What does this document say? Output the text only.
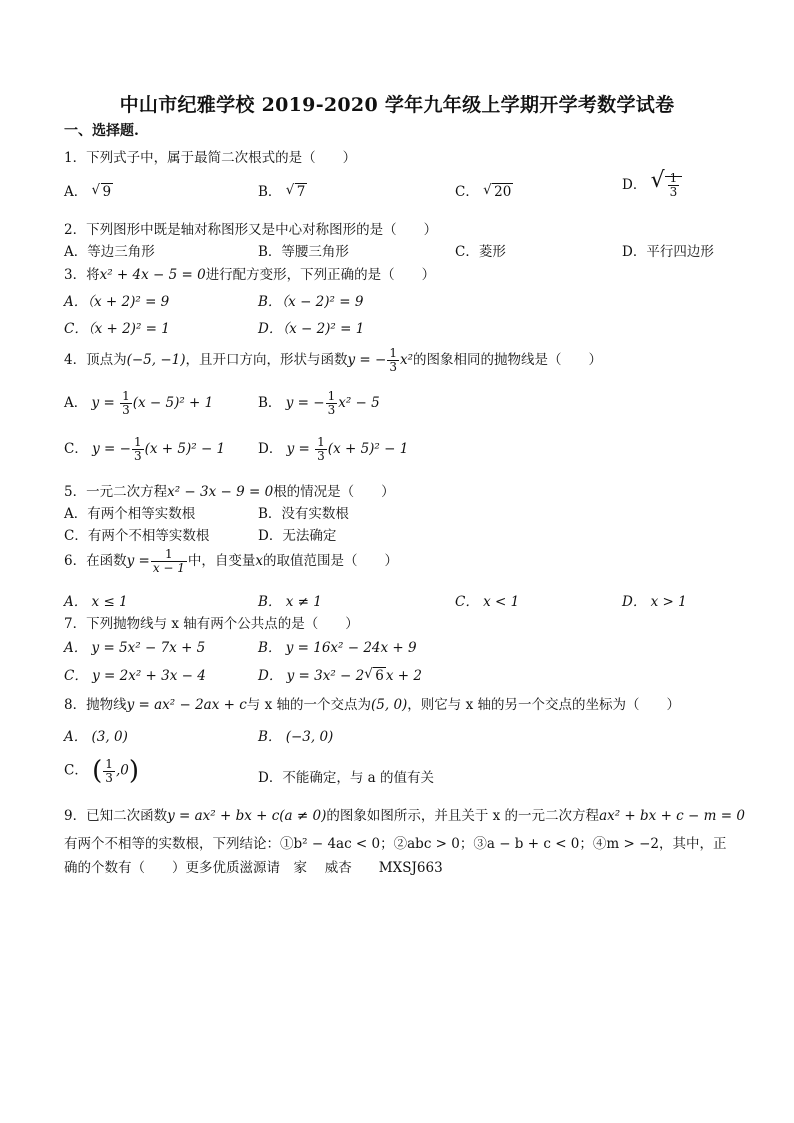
中山市纪雅学校 2019-2020 学年九年级上学期开学考数学试卷
一、选择题.
1．下列式子中，属于最简二次根式的是（　　）
A． √ 9	B． √ 7	C． √ 20	D． √ $\frac{1}{3}$
2．下列图形中既是轴对称图形又是中心对称图形的是（　　）
A．等边三角形	B．等腰三角形	C．菱形	D．平行四边形
3．将x² + 4x − 5 = 0进行配方变形，下列正确的是（　　）
A．（x + 2)² = 9	B．（x − 2)² = 9
C．（x + 2)² = 1	D．（x − 2)² = 1
4．顶点为(−5, −1)，且开口方向，形状与函数y = − $\frac{1}{3} x^2$的图象相同的抛物线是（　　）
A． $y = \frac{1}{3} (x - 5)^2 + 1$	B． y = − $\frac{1}{3} x^2 - 5$
C． y = − $\frac{1}{3} (x + 5)^2 - 1$ D． $y = \frac{1}{3} (x + 5)^2 - 1$
5．一元二次方程x² − 3x − 9 = 0根的情况是（　　）
A．有两个相等实数根	B．没有实数根
C．有两个不相等实数根	D．无法确定
6．在函数$y = \frac{1}{x - 1}$ 中，自变量x的取值范围是（　　）
A． x ≤ 1	B． x ≠ 1	C． x < 1	D． x > 1
7．下列抛物线与 x 轴有两个公共点的是（　　）
A． y = 5x² − 7x + 5	B． y = 16x² − 24x + 9
C． y = 2x² + 3x − 4	D． y = 3x² − 2 √ 6 x + 2
8．抛物线y = ax² − 2ax + c与 x 轴的一个交点为(5, 0)，则它与 x 轴的另一个交点的坐标为（　　）
A． (3, 0)	B． (−3, 0)
C． ( $\frac{1}{3} ,0$)	D．不能确定，与 a 的值有关
9．已知二次函数y = ax² + bx + c(a ≠ 0)的图象如图所示，并且关于 x 的一元二次方程ax² + bx + c − m = 0
有两个不相等的实数根，下列结论：①b² − 4ac < 0；②abc > 0；③a − b + c < 0；④m > −2，其中，正
确的个数有（　　）更多优质滋源请　家　 威杏　　MXSJ663
